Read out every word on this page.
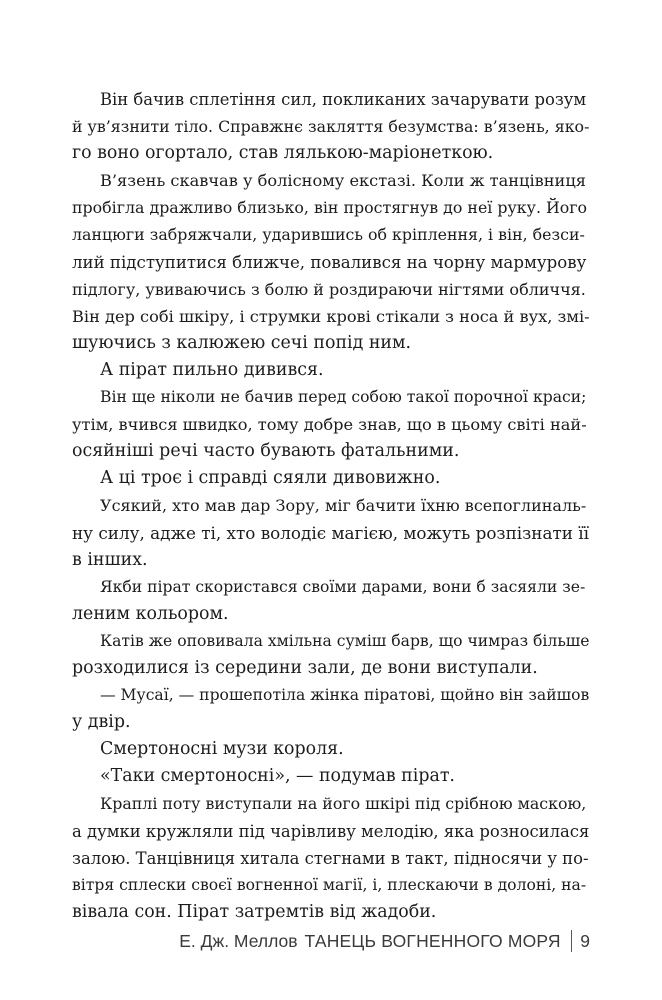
Він бачив сплетіння сил, покликаних зачарувати розум
й ув’язнити тіло. Справжнє закляття безумства: в’язень, яко-
го воно огортало, став лялькою-маріонеткою.
В’язень скавчав у болісному екстазі. Коли ж танцівниця
пробігла дражливо близько, він простягнув до неї руку. Його
ланцюги забряжчали, ударившись об кріплення, і він, безси-
лий підступитися ближче, повалився на чорну мармурову
підлогу, увиваючись з болю й роздираючи нігтями обличчя.
Він дер собі шкіру, і струмки крові стікали з носа й вух, змі-
шуючись з калюжею сечі попід ним.
А пірат пильно дивився.
Він ще ніколи не бачив перед собою такої порочної краси;
утім, вчився швидко, тому добре знав, що в цьому світі най-
осяйніші речі часто бувають фатальними.
А ці троє і справді сяяли дивовижно.
Усякий, хто мав дар Зору, міг бачити їхню всепоглиналь-
ну силу, адже ті, хто володіє магією, можуть розпізнати її
в інших.
Якби пірат скористався своїми дарами, вони б засяяли зе-
леним кольором.
Катів же оповивала хмільна суміш барв, що чимраз більше
розходилися із середини зали, де вони виступали.
— Мусаї, — прошепотіла жінка піратові, щойно він зайшов
у двір.
Смертоносні музи короля.
«Таки смертоносні», — подумав пірат.
Краплі поту виступали на його шкірі під срібною маскою,
а думки кружляли під чарівливу мелодію, яка розносилася
залою. Танцівниця хитала стегнами в такт, підносячи у по-
вітря сплески своєї вогненної магії, і, плескаючи в долоні, на-
вівала сон. Пірат затремтів від жадоби.
Е. Дж. Меллов ТАНЕЦЬ ВОГНЕННОГО МОРЯ 9
